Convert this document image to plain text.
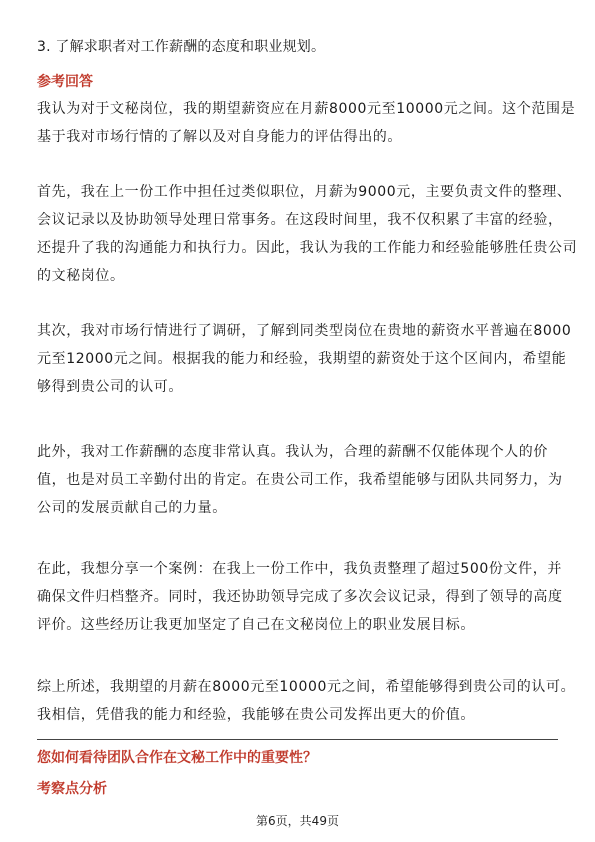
3. 了解求职者对工作薪酬的态度和职业规划。
参考回答
我认为对于文秘岗位，我的期望薪资应在月薪8000元至10000元之间。这个范围是
基于我对市场行情的了解以及对自身能力的评估得出的。
首先，我在上一份工作中担任过类似职位，月薪为9000元，主要负责文件的整理、
会议记录以及协助领导处理日常事务。在这段时间里，我不仅积累了丰富的经验，
还提升了我的沟通能力和执行力。因此，我认为我的工作能力和经验能够胜任贵公司
的文秘岗位。
其次，我对市场行情进行了调研，了解到同类型岗位在贵地的薪资水平普遍在8000
元至12000元之间。根据我的能力和经验，我期望的薪资处于这个区间内，希望能
够得到贵公司的认可。
此外，我对工作薪酬的态度非常认真。我认为，合理的薪酬不仅能体现个人的价
值，也是对员工辛勤付出的肯定。在贵公司工作，我希望能够与团队共同努力，为
公司的发展贡献自己的力量。
在此，我想分享一个案例：在我上一份工作中，我负责整理了超过500份文件，并
确保文件归档整齐。同时，我还协助领导完成了多次会议记录，得到了领导的高度
评价。这些经历让我更加坚定了自己在文秘岗位上的职业发展目标。
综上所述，我期望的月薪在8000元至10000元之间，希望能够得到贵公司的认可。
我相信，凭借我的能力和经验，我能够在贵公司发挥出更大的价值。
您如何看待团队合作在文秘工作中的重要性？
考察点分析
第6页，共49页
